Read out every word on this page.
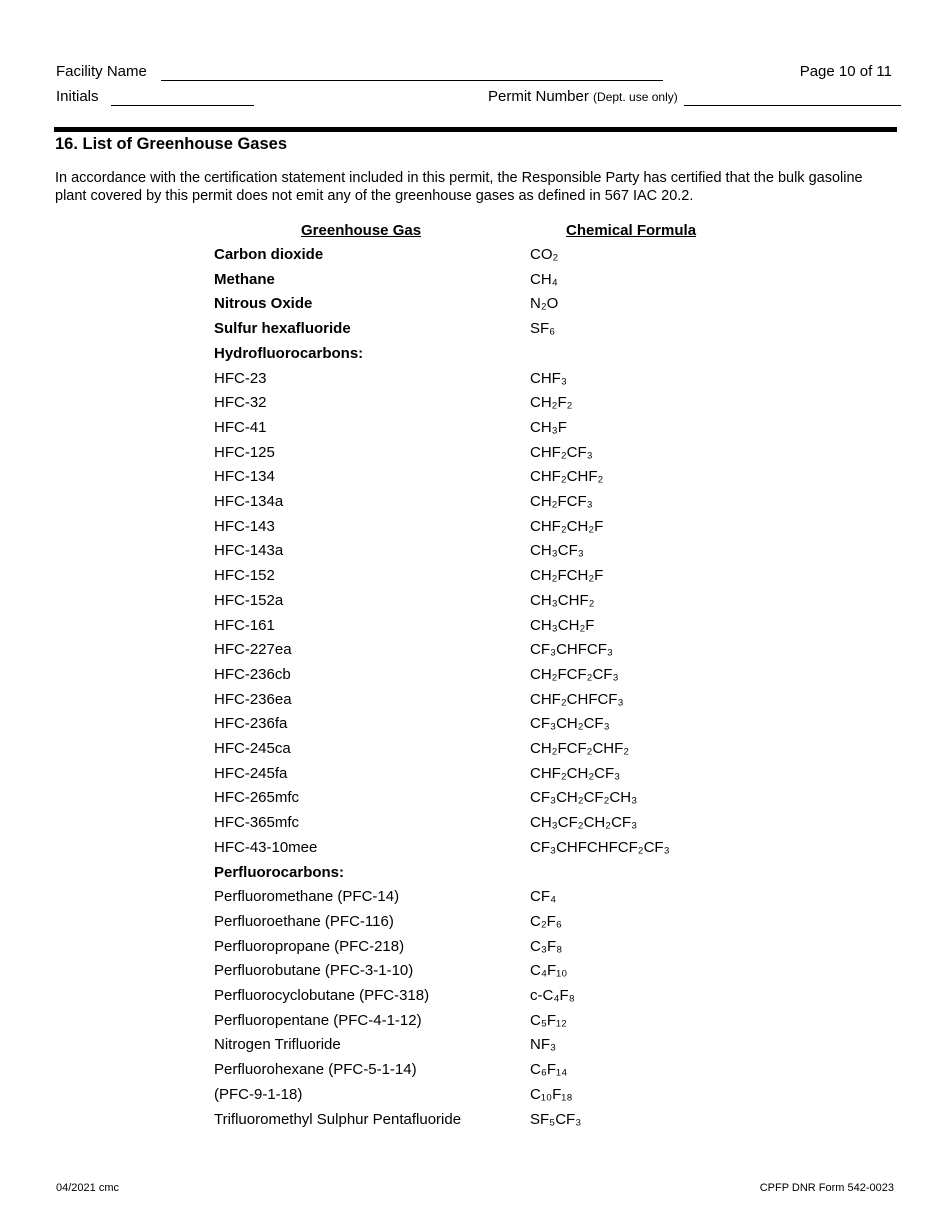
Facility Name	Page 10 of 11
Initials	Permit Number (Dept. use only)
16. List of Greenhouse Gases
In accordance with the certification statement included in this permit, the Responsible Party has certified that the bulk gasoline plant covered by this permit does not emit any of the greenhouse gases as defined in 567 IAC 20.2.
Greenhouse Gas	Chemical Formula
Carbon dioxide	CO₂
Methane	CH₄
Nitrous Oxide	N₂O
Sulfur hexafluoride	SF₆
Hydrofluorocarbons:
HFC-23	CHF₃
HFC-32	CH₂F₂
HFC-41	CH₃F
HFC-125	CHF₂CF₃
HFC-134	CHF₂CHF₂
HFC-134a	CH₂FCF₃
HFC-143	CHF₂CH₂F
HFC-143a	CH₃CF₃
HFC-152	CH₂FCH₂F
HFC-152a	CH₃CHF₂
HFC-161	CH₃CH₂F
HFC-227ea	CF₃CHFCF₃
HFC-236cb	CH₂FCF₂CF₃
HFC-236ea	CHF₂CHFCF₃
HFC-236fa	CF₃CH₂CF₃
HFC-245ca	CH₂FCF₂CHF₂
HFC-245fa	CHF₂CH₂CF₃
HFC-265mfc	CF₃CH₂CF₂CH₃
HFC-365mfc	CH₃CF₂CH₂CF₃
HFC-43-10mee	CF₃CHFCHFCF₂CF₃
Perfluorocarbons:
Perfluoromethane (PFC-14)	CF₄
Perfluoroethane (PFC-116)	C₂F₆
Perfluoropropane (PFC-218)	C₃F₈
Perfluorobutane (PFC-3-1-10)	C₄F₁₀
Perfluorocyclobutane (PFC-318)	c-C₄F₈
Perfluoropentane (PFC-4-1-12)	C₅F₁₂
Nitrogen Trifluoride	NF₃
Perfluorohexane (PFC-5-1-14)	C₆F₁₄
(PFC-9-1-18)	C₁₀F₁₈
Trifluoromethyl Sulphur Pentafluoride	SF₅CF₃
04/2021 cmc	CPFP DNR Form 542-0023
